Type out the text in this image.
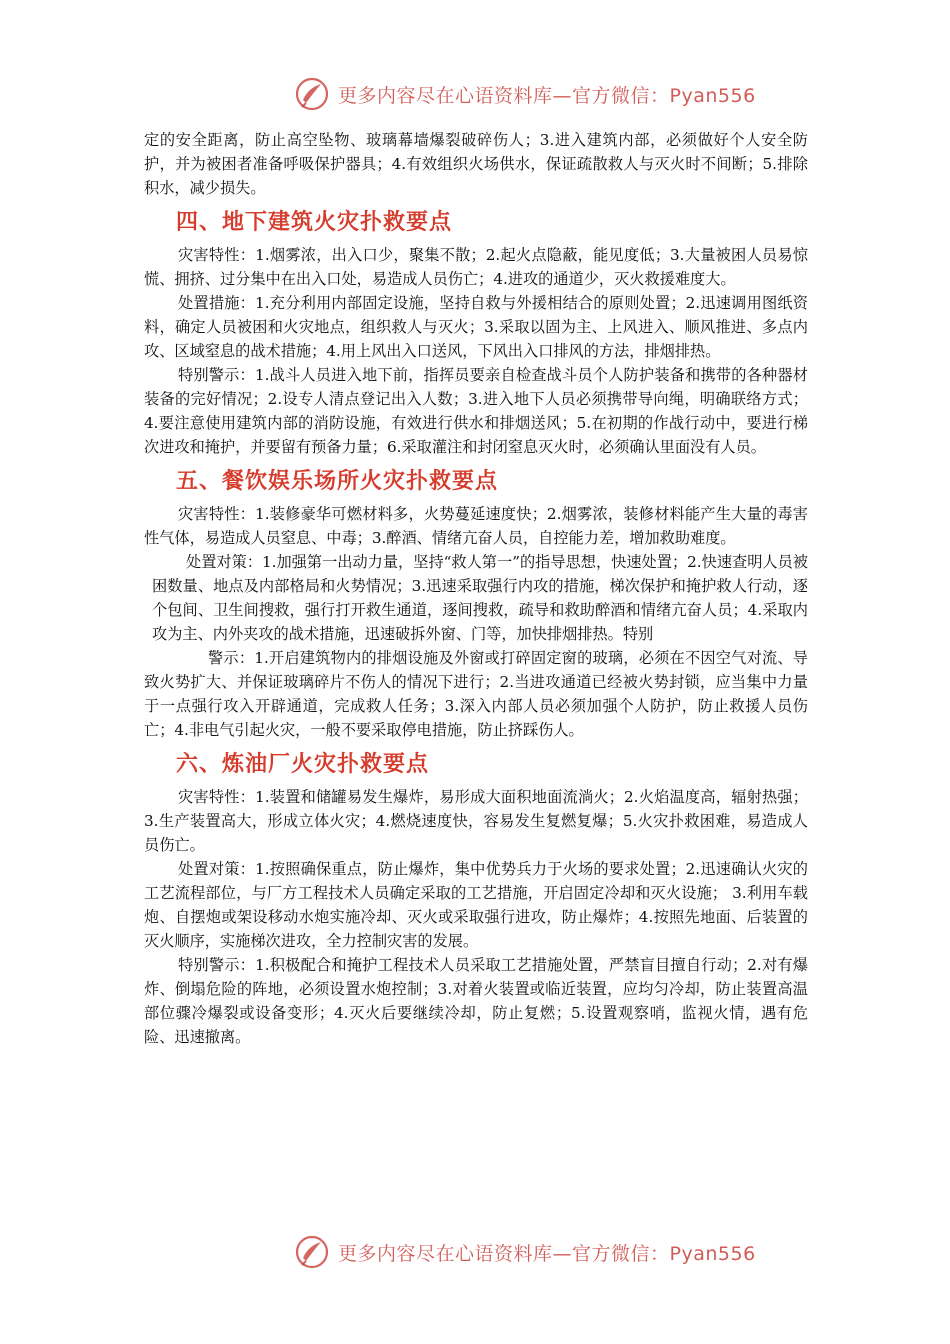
更多内容尽在心语资料库—官方微信：Pyan556

定的安全距离，防止高空坠物、玻璃幕墙爆裂破碎伤人；3.进入建筑内部，必须做好个人安全防护，并为被困者准备呼吸保护器具；4.有效组织火场供水，保证疏散救人与灭火时不间断；5.排除积水，减少损失。

四、地下建筑火灾扑救要点

灾害特性：1.烟雾浓，出入口少，聚集不散；2.起火点隐蔽，能见度低；3.大量被困人员易惊慌、拥挤、过分集中在出入口处，易造成人员伤亡；4.进攻的通道少，灭火救援难度大。

处置措施：1.充分利用内部固定设施，坚持自救与外援相结合的原则处置；2.迅速调用图纸资料，确定人员被困和火灾地点，组织救人与灭火；3.采取以固为主、上风进入、顺风推进、多点内攻、区域窒息的战术措施；4.用上风出入口送风，下风出入口排风的方法，排烟排热。

特别警示：1.战斗人员进入地下前，指挥员要亲自检查战斗员个人防护装备和携带的各种器材装备的完好情况；2.设专人清点登记出入人数；3.进入地下人员必须携带导向绳，明确联络方式；4.要注意使用建筑内部的消防设施，有效进行供水和排烟送风；5.在初期的作战行动中，要进行梯次进攻和掩护，并要留有预备力量；6.采取灌注和封闭窒息灭火时，必须确认里面没有人员。

五、餐饮娱乐场所火灾扑救要点

灾害特性：1.装修豪华可燃材料多，火势蔓延速度快；2.烟雾浓，装修材料能产生大量的毒害性气体，易造成人员窒息、中毒；3.醉酒、情绪亢奋人员，自控能力差，增加救助难度。

处置对策：1.加强第一出动力量，坚持“救人第一”的指导思想，快速处置；2.快速查明人员被困数量、地点及内部格局和火势情况；3.迅速采取强行内攻的措施，梯次保护和掩护救人行动，逐个包间、卫生间搜救，强行打开救生通道，逐间搜救，疏导和救助醉酒和情绪亢奋人员；4.采取内攻为主、内外夹攻的战术措施，迅速破拆外窗、门等，加快排烟排热。特别

警示：1.开启建筑物内的排烟设施及外窗或打碎固定窗的玻璃，必须在不因空气对流、导致火势扩大、并保证玻璃碎片不伤人的情况下进行；2.当进攻通道已经被火势封锁，应当集中力量于一点强行攻入开辟通道，完成救人任务；3.深入内部人员必须加强个人防护，防止救援人员伤亡；4.非电气引起火灾，一般不要采取停电措施，防止挤踩伤人。

六、炼油厂火灾扑救要点

灾害特性：1.装置和储罐易发生爆炸，易形成大面积地面流淌火；2.火焰温度高，辐射热强；3.生产装置高大，形成立体火灾；4.燃烧速度快，容易发生复燃复爆；5.火灾扑救困难，易造成人员伤亡。

处置对策：1.按照确保重点，防止爆炸，集中优势兵力于火场的要求处置；2.迅速确认火灾的工艺流程部位，与厂方工程技术人员确定采取的工艺措施，开启固定冷却和灭火设施； 3.利用车载炮、自摆炮或架设移动水炮实施冷却、灭火或采取强行进攻，防止爆炸；4.按照先地面、后装置的灭火顺序，实施梯次进攻，全力控制灾害的发展。

特别警示：1.积极配合和掩护工程技术人员采取工艺措施处置，严禁盲目擅自行动；2.对有爆炸、倒塌危险的阵地，必须设置水炮控制；3.对着火装置或临近装置，应均匀冷却，防止装置高温部位骤冷爆裂或设备变形；4.灭火后要继续冷却，防止复燃；5.设置观察哨，监视火情，遇有危险、迅速撤离。

更多内容尽在心语资料库—官方微信：Pyan556
